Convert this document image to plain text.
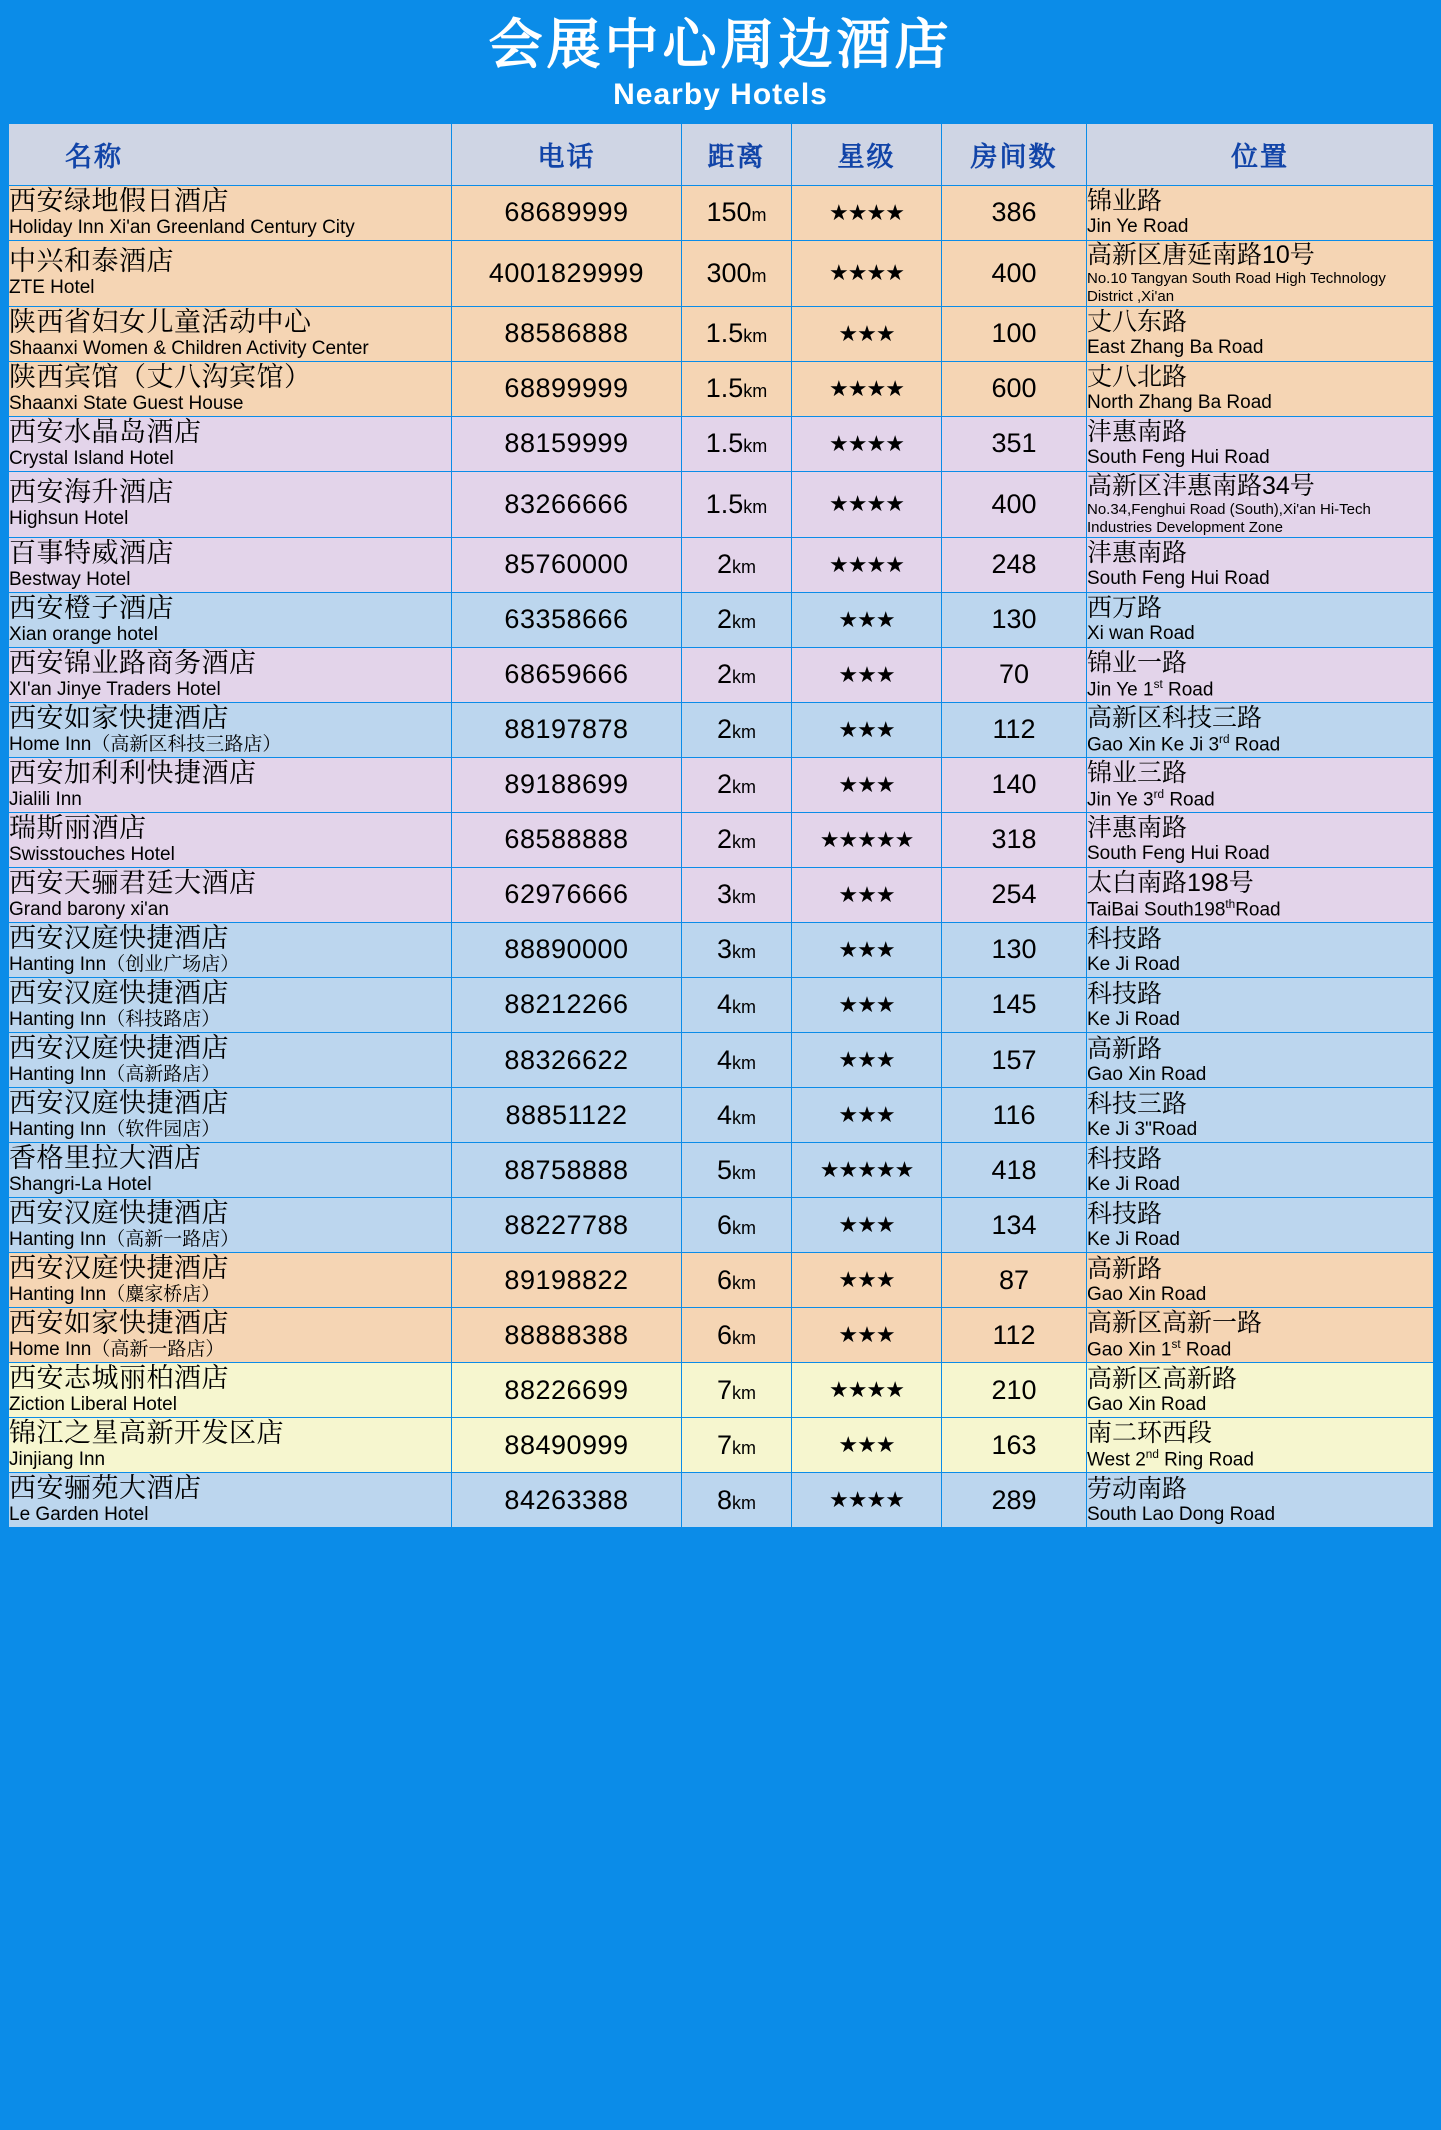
会展中心周边酒店
Nearby Hotels
名称	电话	距离	星级	房间数	位置

西安绿地假日酒店
Holiday Inn Xi'an Greenland Century City
	68689999	150m	★★★★	386	锦业路
Jin Ye Road

中兴和泰酒店
ZTE Hotel
	4001829999	300m	★★★★	400	
高新区唐延南路10号
No.10 Tangyan South Road High Technology District ,Xi'an

陕西省妇女儿童活动中心
Shaanxi Women & Children Activity Center
	88586888	1.5km	★★★	100	丈八东路
East Zhang Ba Road

陕西宾馆（丈八沟宾馆）
Shaanxi State Guest House
	68899999	1.5km	★★★★	600	丈八北路
North Zhang Ba Road

西安水晶岛酒店
Crystal Island Hotel
	88159999	1.5km	★★★★	351	沣惠南路
South Feng Hui Road

西安海升酒店
Highsun Hotel
	83266666	1.5km	★★★★	400	
高新区沣惠南路34号
No.34,Fenghui Road (South),Xi'an Hi-Tech Industries Development Zone

百事特威酒店
Bestway Hotel
	85760000	2km	★★★★	248	沣惠南路
South Feng Hui Road

西安橙子酒店
Xian orange hotel
	63358666	2km	★★★	130	西万路
Xi wan Road

西安锦业路商务酒店
XI'an Jinye Traders Hotel
	68659666	2km	★★★	70	锦业一路
Jin Ye 1st Road

西安如家快捷酒店
Home Inn（高新区科技三路店）
	88197878	2km	★★★	112	高新区科技三路
Gao Xin Ke Ji 3rd Road

西安加利利快捷酒店
Jialili Inn
	89188699	2km	★★★	140	锦业三路
Jin Ye 3rd Road

瑞斯丽酒店
Swisstouches Hotel
	68588888	2km	★★★★★	318	沣惠南路
South Feng Hui Road

西安天骊君廷大酒店
Grand barony xi'an
	62976666	3km	★★★	254	太白南路198号
TaiBai South198thRoad

西安汉庭快捷酒店
Hanting Inn（创业广场店）
	88890000	3km	★★★	130	科技路
Ke Ji Road

西安汉庭快捷酒店
Hanting Inn（科技路店）
	88212266	4km	★★★	145	科技路
Ke Ji Road

西安汉庭快捷酒店
Hanting Inn（高新路店）
	88326622	4km	★★★	157	高新路
Gao Xin Road

西安汉庭快捷酒店
Hanting Inn（软件园店）
	88851122	4km	★★★	116	科技三路
Ke Ji 3"Road

香格里拉大酒店
Shangri-La Hotel
	88758888	5km	★★★★★	418	科技路
Ke Ji Road

西安汉庭快捷酒店
Hanting Inn（高新一路店）
	88227788	6km	★★★	134	科技路
Ke Ji Road

西安汉庭快捷酒店
Hanting Inn（麋家桥店）
	89198822	6km	★★★	87	高新路
Gao Xin Road

西安如家快捷酒店
Home Inn（高新一路店）
	88888388	6km	★★★	112	高新区高新一路
Gao Xin 1st Road

西安志城丽柏酒店
Ziction Liberal Hotel
	88226699	7km	★★★★	210	高新区高新路
Gao Xin Road

锦江之星高新开发区店
Jinjiang Inn
	88490999	7km	★★★	163	南二环西段
West 2nd Ring Road

西安骊苑大酒店
Le Garden Hotel
	84263388	8km	★★★★	289	劳动南路
South Lao Dong Road
